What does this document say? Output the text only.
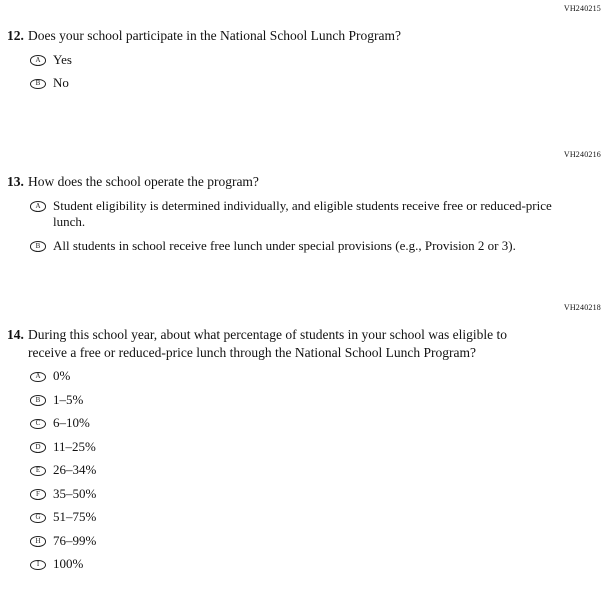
VH240215
12. Does your school participate in the National School Lunch Program?
A Yes
B No
VH240216
13. How does the school operate the program?
A Student eligibility is determined individually, and eligible students receive free or reduced-price lunch.
B All students in school receive free lunch under special provisions (e.g., Provision 2 or 3).
VH240218
14. During this school year, about what percentage of students in your school was eligible to receive a free or reduced-price lunch through the National School Lunch Program?
A 0%
B 1–5%
C 6–10%
D 11–25%
E 26–34%
F 35–50%
G 51–75%
H 76–99%
I 100%
